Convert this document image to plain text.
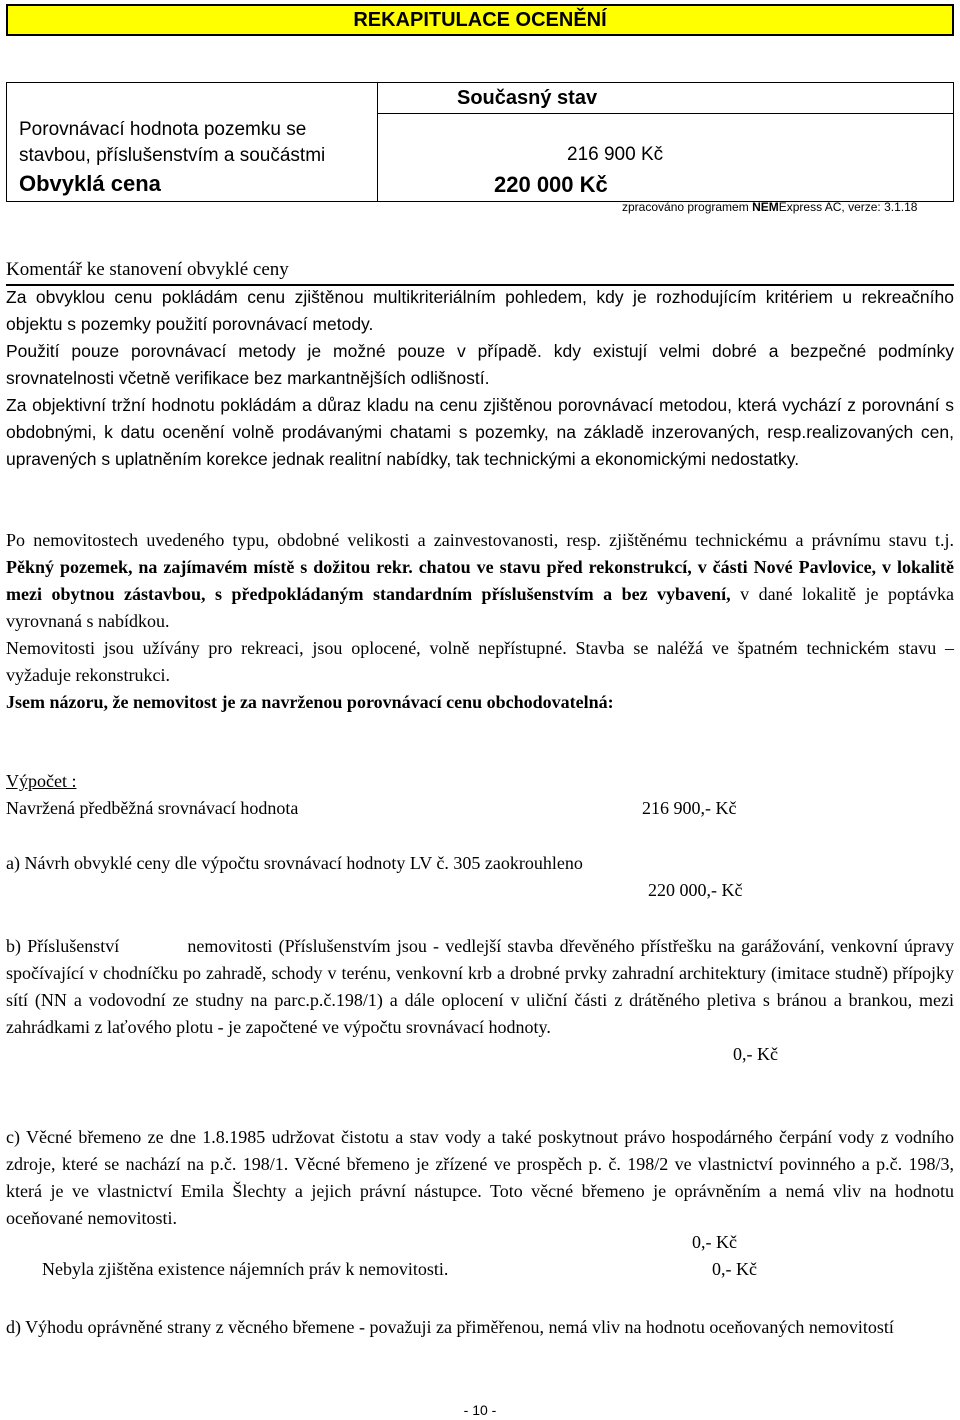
REKAPITULACE OCENĚNÍ
Současný stav
Porovnávací hodnota pozemku se stavbou, příslušenstvím a součástmi
Obvyklá cena
216 900 Kč
220 000 Kč
zpracováno programem NEMExpress AC, verze: 3.1.18
Komentář ke stanovení obvyklé ceny

Za obvyklou cenu pokládám cenu zjištěnou multikriteriálním pohledem, kdy je rozhodujícím kritériem u rekreačního objektu s pozemky použití porovnávací metody.

Použití pouze porovnávací metody je možné pouze v případě. kdy existují velmi dobré a bezpečné podmínky srovnatelnosti včetně verifikace bez markantnějších odlišností.

Za objektivní tržní hodnotu pokládám a důraz kladu na cenu zjištěnou porovnávací metodou, která vychází z porovnání s obdobnými, k datu ocenění volně prodávanými chatami s pozemky, na základě inzerovaných, resp.realizovaných cen, upravených s uplatněním korekce jednak realitní nabídky, tak technickými a ekonomickými nedostatky.

Po nemovitostech uvedeného typu, obdobné velikosti a zainvestovanosti, resp. zjištěnému technickému a právnímu stavu t.j. Pěkný pozemek, na zajímavém místě s dožitou rekr. chatou ve stavu před rekonstrukcí, v části Nové Pavlovice, v lokalitě mezi obytnou zástavbou, s předpokládaným standardním příslušenstvím a bez vybavení, v dané lokalitě je poptávka vyrovnaná s nabídkou.

Nemovitosti jsou užívány pro rekreaci, jsou oplocené, volně nepřístupné. Stavba se naléžá ve špatném technickém stavu – vyžaduje rekonstrukci.

Jsem názoru, že nemovitost je za navrženou porovnávací cenu obchodovatelná:

Výpočet :
Navržená předběžná srovnávací hodnota	216 900,- Kč
a) Návrh obvyklé ceny dle výpočtu srovnávací hodnoty LV č. 305 zaokrouhleno
220 000,- Kč

b) Příslušenství           nemovitosti (Příslušenstvím jsou - vedlejší stavba dřevěného přístřešku na garážování, venkovní úpravy spočívající v chodníčku po zahradě, schody v terénu, venkovní krb a drobné prvky zahradní architektury (imitace studně) přípojky sítí (NN a vodovodní ze studny na parc.p.č.198/1) a dále oplocení v uliční části z drátěného pletiva s bránou a brankou, mezi zahrádkami z laťového plotu - je započtené ve výpočtu srovnávací hodnoty.

0,- Kč

c) Věcné břemeno ze dne 1.8.1985 udržovat čistotu a stav vody a také poskytnout právo hospodárného čerpání vody z vodního zdroje, které se nachází na p.č. 198/1. Věcné břemeno je zřízené ve prospěch p. č. 198/2 ve vlastnictví povinného a p.č. 198/3, která je ve vlastnictví Emila Šlechty a jejich právní nástupce. Toto věcné břemeno je oprávněním a nemá vliv na hodnotu oceňované nemovitosti.

0,- Kč
Nebyla zjištěna existence nájemních práv k nemovitosti.	0,- Kč

d) Výhodu oprávněné strany z věcného břemene - považuji za přiměřenou, nemá vliv na hodnotu oceňovaných nemovitostí

- 10 -
